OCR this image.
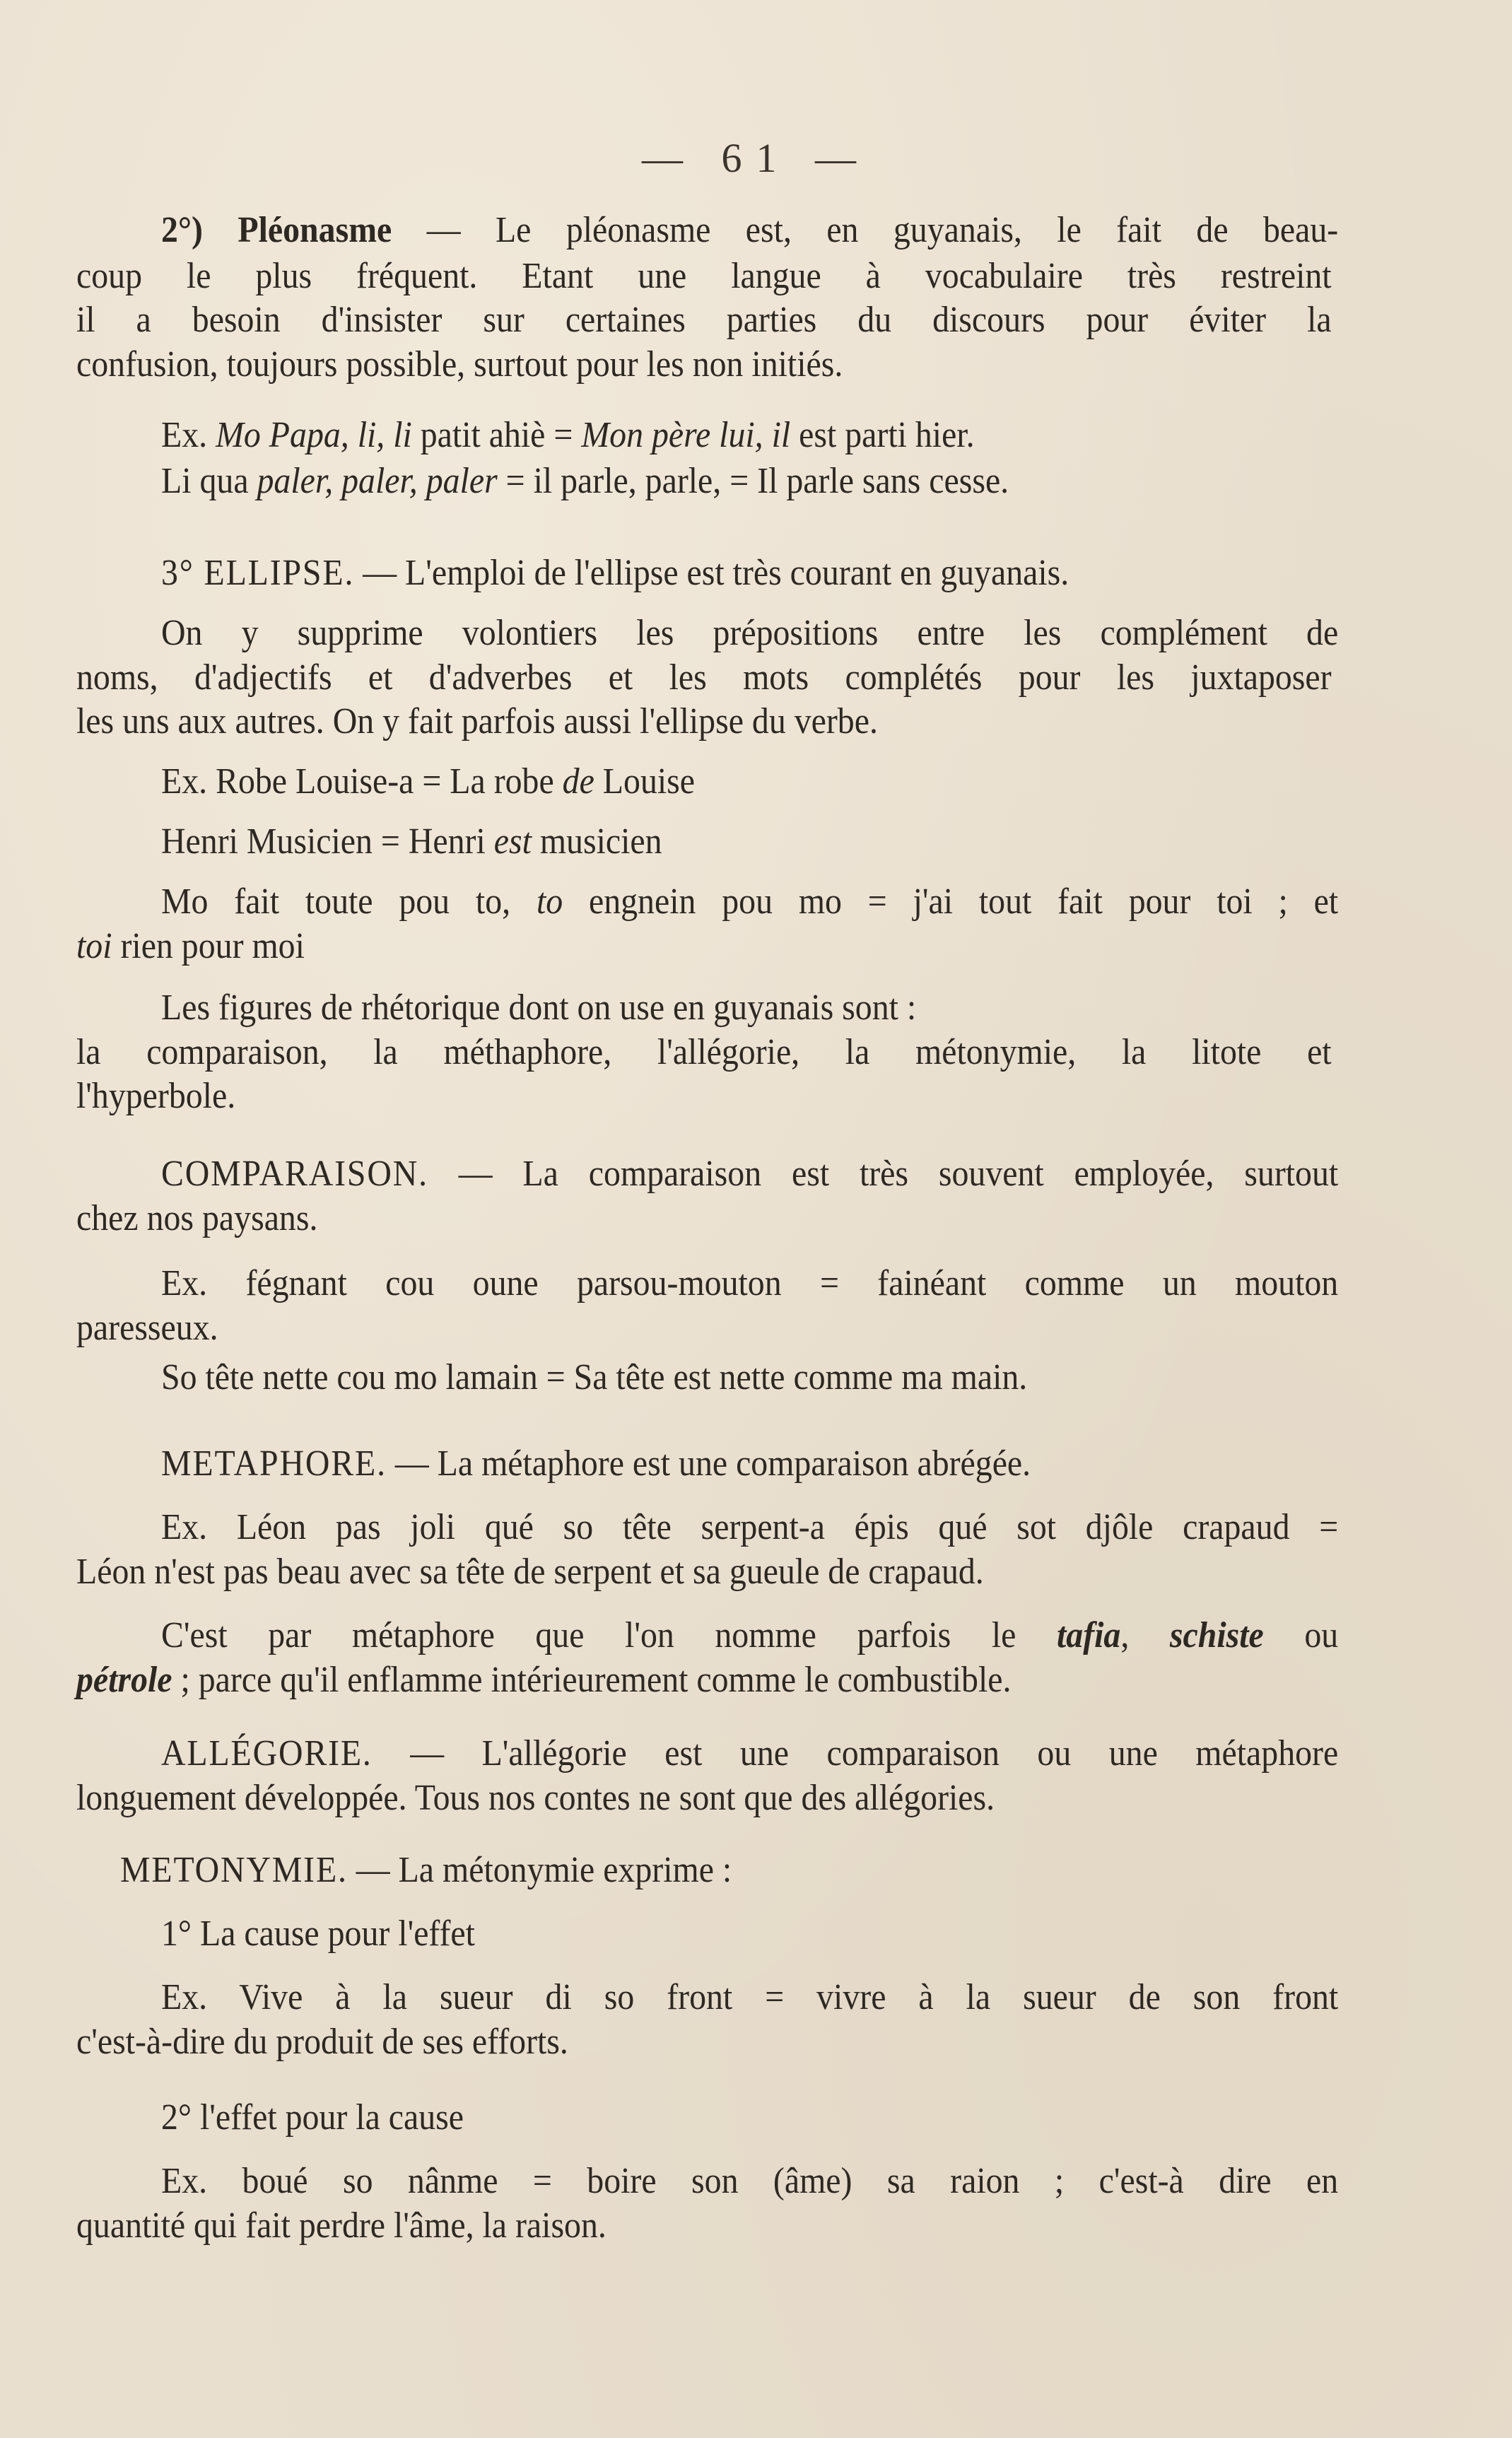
— 61 —
2°) Pléonasme — Le pléonasme est, en guyanais, le fait de beau-
coup le plus fréquent. Etant une langue à vocabulaire très restreint
il a besoin d'insister sur certaines parties du discours pour éviter la
confusion, toujours possible, surtout pour les non initiés.
Ex. Mo Papa, li, li patit ahiè = Mon père lui, il est parti hier.
Li qua paler, paler, paler = il parle, parle, = Il parle sans cesse.
3° ELLIPSE. — L'emploi de l'ellipse est très courant en guyanais.
On y supprime volontiers les prépositions entre les complément de
noms, d'adjectifs et d'adverbes et les mots complétés pour les juxtaposer
les uns aux autres. On y fait parfois aussi l'ellipse du verbe.
Ex. Robe Louise-a = La robe de Louise
Henri Musicien = Henri est musicien
Mo fait toute pou to, to engnein pou mo = j'ai tout fait pour toi ; et
toi rien pour moi
Les figures de rhétorique dont on use en guyanais sont :
la comparaison, la méthaphore, l'allégorie, la métonymie, la litote et
l'hyperbole.
COMPARAISON. — La comparaison est très souvent employée, surtout
chez nos paysans.
Ex. fégnant cou oune parsou-mouton = fainéant comme un mouton
paresseux.
So tête nette cou mo lamain = Sa tête est nette comme ma main.
METAPHORE. — La métaphore est une comparaison abrégée.
Ex. Léon pas joli qué so tête serpent-a épis qué sot djôle crapaud =
Léon n'est pas beau avec sa tête de serpent et sa gueule de crapaud.
C'est par métaphore que l'on nomme parfois le tafia, schiste ou
pétrole ; parce qu'il enflamme intérieurement comme le combustible.
ALLÉGORIE. — L'allégorie est une comparaison ou une métaphore
longuement développée. Tous nos contes ne sont que des allégories.
METONYMIE. — La métonymie exprime :
1° La cause pour l'effet
Ex. Vive à la sueur di so front = vivre à la sueur de son front
c'est-à-dire du produit de ses efforts.
2° l'effet pour la cause
Ex. boué so nânme = boire son (âme) sa raion ; c'est-à dire en
quantité qui fait perdre l'âme, la raison.
